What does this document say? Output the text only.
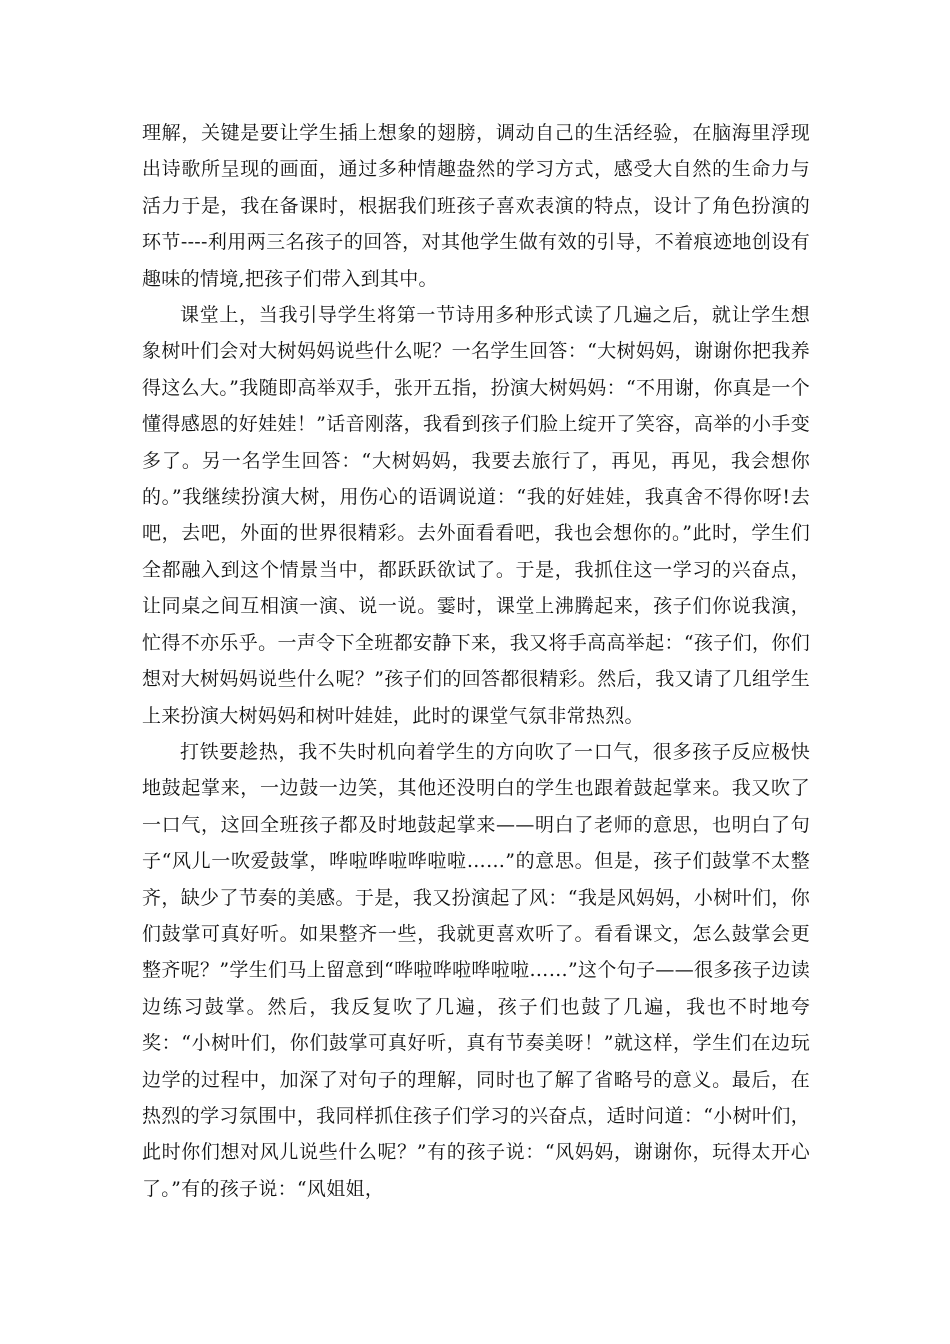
理解，关键是要让学生插上想象的翅膀，调动自己的生活经验，在脑海里浮现出诗歌所呈现的画面，通过多种情趣盎然的学习方式，感受大自然的生命力与活力于是，我在备课时，根据我们班孩子喜欢表演的特点，设计了角色扮演的环节----利用两三名孩子的回答，对其他学生做有效的引导，不着痕迹地创设有趣味的情境,把孩子们带入到其中。

课堂上，当我引导学生将第一节诗用多种形式读了几遍之后，就让学生想象树叶们会对大树妈妈说些什么呢？一名学生回答：“大树妈妈，谢谢你把我养得这么大。”我随即高举双手，张开五指，扮演大树妈妈：“不用谢，你真是一个懂得感恩的好娃娃！”话音刚落，我看到孩子们脸上绽开了笑容，高举的小手变多了。另一名学生回答：“大树妈妈，我要去旅行了，再见，再见，我会想你的。”我继续扮演大树，用伤心的语调说道：“我的好娃娃，我真舍不得你呀!去吧，去吧，外面的世界很精彩。去外面看看吧，我也会想你的。”此时，学生们全都融入到这个情景当中，都跃跃欲试了。于是，我抓住这一学习的兴奋点，让同桌之间互相演一演、说一说。霎时，课堂上沸腾起来，孩子们你说我演，忙得不亦乐乎。一声令下全班都安静下来，我又将手高高举起：“孩子们，你们想对大树妈妈说些什么呢？”孩子们的回答都很精彩。然后，我又请了几组学生上来扮演大树妈妈和树叶娃娃，此时的课堂气氛非常热烈。

打铁要趁热，我不失时机向着学生的方向吹了一口气，很多孩子反应极快地鼓起掌来，一边鼓一边笑，其他还没明白的学生也跟着鼓起掌来。我又吹了一口气，这回全班孩子都及时地鼓起掌来——明白了老师的意思，也明白了句子“风儿一吹爱鼓掌，哗啦哗啦哗啦啦……”的意思。但是，孩子们鼓掌不太整齐，缺少了节奏的美感。于是，我又扮演起了风：“我是风妈妈，小树叶们，你们鼓掌可真好听。如果整齐一些，我就更喜欢听了。看看课文，怎么鼓掌会更整齐呢？”学生们马上留意到“哗啦哗啦哗啦啦……”这个句子——很多孩子边读边练习鼓掌。然后，我反复吹了几遍，孩子们也鼓了几遍，我也不时地夸奖：“小树叶们，你们鼓掌可真好听，真有节奏美呀！”就这样，学生们在边玩边学的过程中，加深了对句子的理解，同时也了解了省略号的意义。最后，在热烈的学习氛围中，我同样抓住孩子们学习的兴奋点，适时问道：“小树叶们，此时你们想对风儿说些什么呢？”有的孩子说：“风妈妈，谢谢你，玩得太开心了。”有的孩子说：“风姐姐，
